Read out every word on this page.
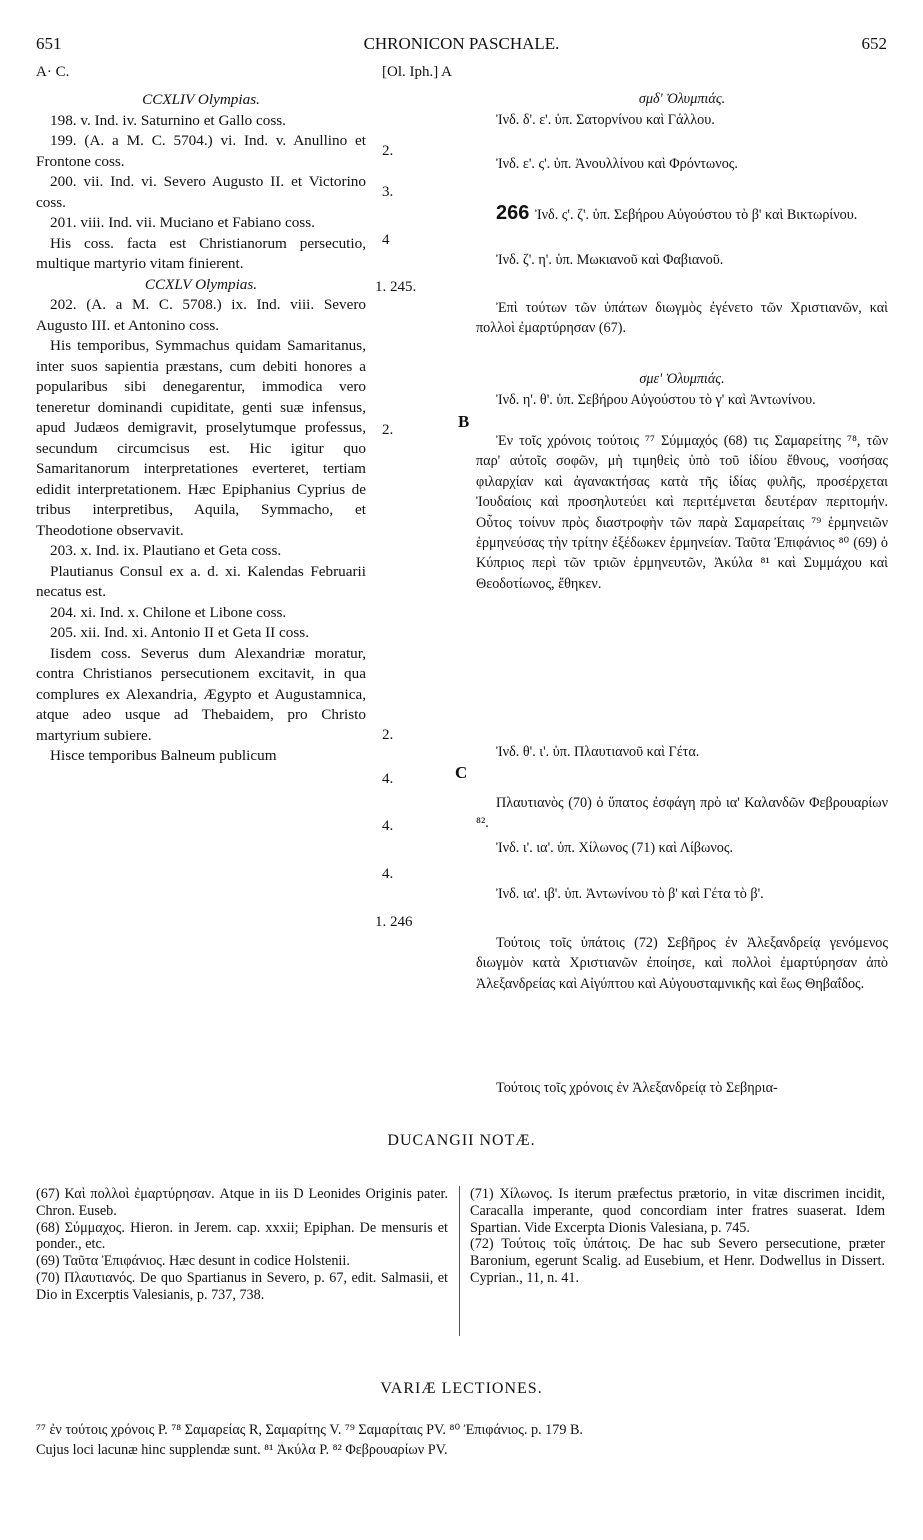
651	CHRONICON PASCHALE.	652
A· C.	[Ol. Iph.] A
CCXLIV Olympias.

198. v. Ind. iv. Saturnino et Gallo coss.

199. (A. a M. C. 5704.) vi. Ind. v. Anullino et Frontone coss.

200. vii. Ind. vi. Severo Augusto II. et Victorino coss.

201. viii. Ind. vii. Muciano et Fabiano coss.

His coss. facta est Christianorum persecutio, multique martyrio vitam finierent.

CCXLV Olympias.

202. (A. a M. C. 5708.) ix. Ind. viii. Severo Augusto III. et Antonino coss.

His temporibus, Symmachus quidam Samaritanus, inter suos sapientia præstans, cum debiti honores a popularibus sibi denegarentur, immodica vero teneretur dominandi cupiditate, genti suæ infensus, apud Judæos demigravit, proselytumque professus, secundum circumcisus est. Hic igitur quo Samaritanorum interpretationes everteret, tertiam edidit interpretationem. Hæc Epiphanius Cyprius de tribus interpretibus, Aquila, Symmacho, et Theodotione observavit.

203. x. Ind. ix. Plautiano et Geta coss.

Plautianus Consul ex a. d. xi. Kalendas Februarii necatus est.

204. xi. Ind. x. Chilone et Libone coss.

205. xii. Ind. xi. Antonio II et Geta II coss.

Iisdem coss. Severus dum Alexandriæ moratur, contra Christianos persecutionem excitavit, in qua complures ex Alexandria, Ægypto et Augustamnica, atque adeo usque ad Thebaidem, pro Christo martyrium subiere.

Hisce temporibus Balneum publicum

2.
3.
4
1. 245.
2.	B
2.
C
4.
4.
4.
1. 246
σμδ' Ὀλυμπιάς.

Ἰνδ. δ'. ε'. ὑπ. Σατορνίνου καὶ Γάλλου.

Ἰνδ. ε'. ς'. ὑπ. Ἀνουλλίνου καὶ Φρόντωνος.

266 Ἰνδ. ς'. ζ'. ὑπ. Σεβήρου Αὐγούστου τὸ β' καὶ Βικτωρίνου.

Ἰνδ. ζ'. η'. ὑπ. Μωκιανοῦ καὶ Φαβιανοῦ.

Ἐπὶ τούτων τῶν ὑπάτων διωγμὸς ἐγένετο τῶν Χριστιανῶν, καὶ πολλοὶ ἐμαρτύρησαν (67).

σμε' Ὀλυμπιάς.

Ἰνδ. η'. θ'. ὑπ. Σεβήρου Αὐγούστου τὸ γ' καὶ Ἀντωνίνου.

Ἐν τοῖς χρόνοις τούτοις ⁷⁷ Σύμμαχός (68) τις Σαμαρείτης ⁷⁸, τῶν παρ' αὐτοῖς σοφῶν, μὴ τιμηθεὶς ὑπὸ τοῦ ἰδίου ἔθνους, νοσήσας φιλαρχίαν καὶ ἀγανακτήσας κατὰ τῆς ἰδίας φυλῆς, προσέρχεται Ἰουδαίοις καὶ προσηλυτεύει καὶ περιτέμνεται δευτέραν περιτομήν. Οὗτος τοίνυν πρὸς διαστροφὴν τῶν παρὰ Σαμαρείταις ⁷⁹ ἑρμηνειῶν ἑρμηνεύσας τὴν τρίτην ἐξέδωκεν ἑρμηνείαν. Ταῦτα Ἐπιφάνιος ⁸⁰ (69) ὁ Κύπριος περὶ τῶν τριῶν ἑρμηνευτῶν, Ἀκύλα ⁸¹ καὶ Συμμάχου καὶ Θεοδοτίωνος, ἔθηκεν.

Ἰνδ. θ'. ι'. ὑπ. Πλαυτιανοῦ καὶ Γέτα.

Πλαυτιανὸς (70) ὁ ὕπατος ἐσφάγη πρὸ ια' Καλανδῶν Φεβρουαρίων ⁸².

Ἰνδ. ι'. ια'. ὑπ. Χίλωνος (71) καὶ Λίβωνος.

Ἰνδ. ια'. ιβ'. ὑπ. Ἀντωνίνου τὸ β' καὶ Γέτα τὸ β'.

Τούτοις τοῖς ὑπάτοις (72) Σεβῆρος ἐν Ἀλεξανδρείᾳ γενόμενος διωγμὸν κατὰ Χριστιανῶν ἐποίησε, καὶ πολλοὶ ἐμαρτύρησαν ἀπὸ Ἀλεξανδρείας καὶ Αἰγύπτου καὶ Αὐγουσταμνικῆς καὶ ἕως Θηβαΐδος.

Τούτοις τοῖς χρόνοις ἐν Ἀλεξανδρείᾳ τὸ Σεβηρια-

DUCANGII NOTÆ.

(67) Καὶ πολλοὶ ἐμαρτύρησαν. Atque in iis D Leonides Originis pater. Chron. Euseb.

(68) Σύμμαχος. Hieron. in Jerem. cap. xxxii; Epiphan. De mensuris et ponder., etc.

(69) Ταῦτα Ἐπιφάνιος. Hæc desunt in codice Holstenii.

(70) Πλαυτιανός. De quo Spartianus in Severo, p. 67, edit. Salmasii, et Dio in Excerptis Valesianis, p. 737, 738.

(71) Χίλωνος. Is iterum præfectus prætorio, in vitæ discrimen incidit, Caracalla imperante, quod concordiam inter fratres suaserat. Idem Spartian. Vide Excerpta Dionis Valesiana, p. 745.

(72) Τούτοις τοῖς ὑπάτοις. De hac sub Severo persecutione, præter Baronium, egerunt Scalig. ad Eusebium, et Henr. Dodwellus in Dissert. Cyprian., 11, n. 41.

VARIÆ LECTIONES.

⁷⁷ ἐν τούτοις χρόνοις P. ⁷⁸ Σαμαρείας R, Σαμαρίτης V. ⁷⁹ Σαμαρίταις PV. ⁸⁰ Ἐπιφάνιος. p. 179 B.

Cujus loci lacunæ hinc supplendæ sunt. ⁸¹ Ἀκύλα P. ⁸² Φεβρουαρίων PV.
